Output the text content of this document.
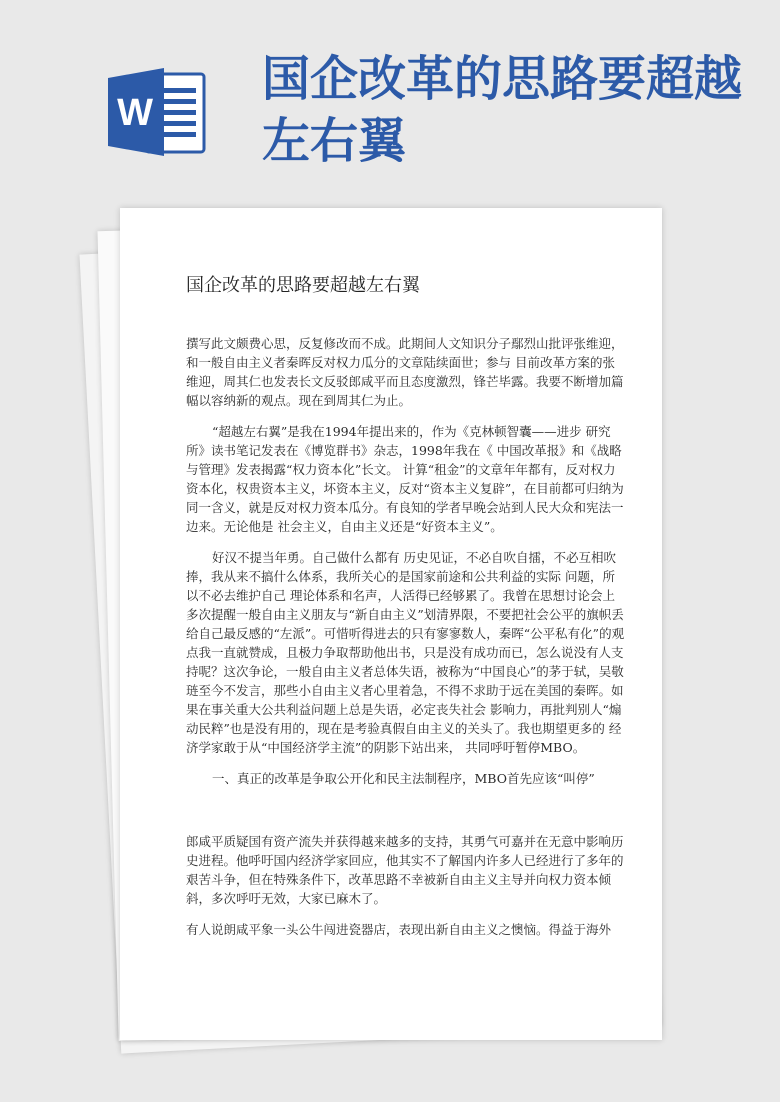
W
国企改革的思路要超越左右翼
国企改革的思路要超越左右翼

撰写此文颇费心思，反复修改而不成。此期间人文知识分子鄢烈山批评张维迎，和一般自由主义者秦晖反对权力瓜分的文章陆续面世；参与 目前改革方案的张维迎，周其仁也发表长文反驳郎咸平而且态度激烈，锋芒毕露。我要不断增加篇幅以容纳新的观点。现在到周其仁为止。

“超越左右翼”是我在1994年提出来的，作为《克林顿智囊——进步 研究所》读书笔记发表在《博览群书》杂志，1998年我在《 中国改革报》和《战略与管理》发表揭露“权力资本化”长文。 计算“租金”的文章年年都有，反对权力资本化，权贵资本主义，坏资本主义，反对“资本主义复辟”，在目前都可归纳为同一含义，就是反对权力资本瓜分。有良知的学者早晚会站到人民大众和宪法一边来。无论他是 社会主义，自由主义还是“好资本主义”。

好汉不提当年勇。自己做什么都有 历史见证，不必自吹自擂，不必互相吹捧，我从来不搞什么体系，我所关心的是国家前途和公共利益的实际 问题，所以不必去维护自己 理论体系和名声，人活得已经够累了。我曾在思想讨论会上多次提醒一般自由主义朋友与“新自由主义”划清界限，不要把社会公平的旗帜丢给自己最反感的“左派”。可惜听得进去的只有寥寥数人，秦晖“公平私有化”的观点我一直就赞成，且极力争取帮助他出书，只是没有成功而已，怎么说没有人支持呢？这次争论，一般自由主义者总体失语，被称为“中国良心”的茅于轼，吴敬琏至今不发言，那些小自由主义者心里着急，不得不求助于远在美国的秦晖。如果在事关重大公共利益问题上总是失语，必定丧失社会 影响力，再批判别人“煽动民粹”也是没有用的，现在是考验真假自由主义的关头了。我也期望更多的 经济学家敢于从“中国经济学主流”的阴影下站出来， 共同呼吁暂停MBO。

一、真正的改革是争取公开化和民主法制程序，MBO首先应该“叫停”

郎咸平质疑国有资产流失并获得越来越多的支持，其勇气可嘉并在无意中影响历史进程。他呼吁国内经济学家回应，他其实不了解国内许多人已经进行了多年的艰苦斗争，但在特殊条件下，改革思路不幸被新自由主义主导并向权力资本倾斜，多次呼吁无效，大家已麻木了。

有人说朗咸平象一头公牛闯进瓷器店，表现出新自由主义之懊恼。得益于海外
